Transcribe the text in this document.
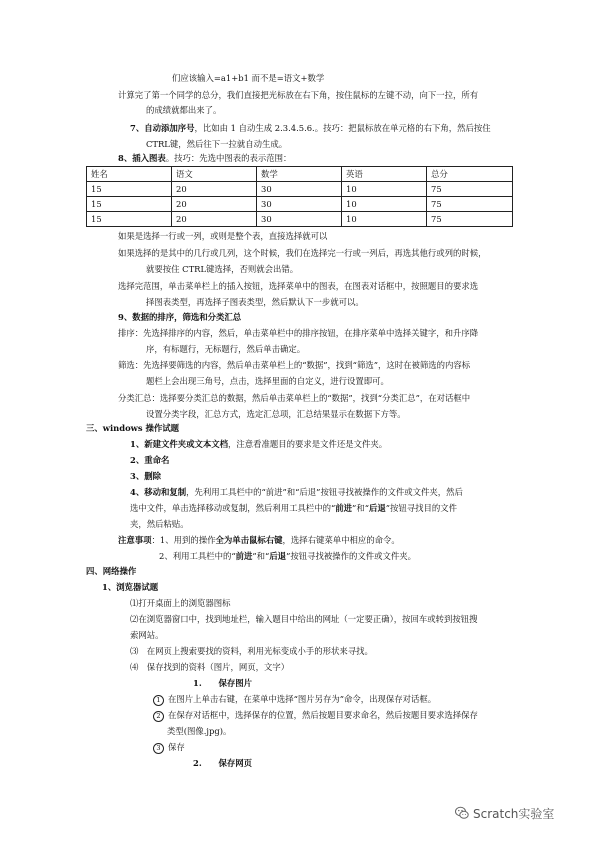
们应该输入=a1+b1 而不是=语文+数学
计算完了第一个同学的总分，我们直接把光标放在右下角，按住鼠标的左键不动，向下一拉，所有
的成绩就都出来了。
7、自动添加序号，比如由 1 自动生成 2.3.4.5.6.。技巧：把鼠标放在单元格的右下角，然后按住
CTRL键，然后往下一拉就自动生成。
8、插入图表。技巧：先选中图表的表示范围：
姓名	语文	数学	英语	总分
15	20	30	10	75
15	20	30	10	75
15	20	30	10	75
如果是选择一行或一列，或则是整个表，直接选择就可以
如果选择的是其中的几行或几列，这个时候，我们在选择完一行或一列后，再选其他行或列的时候，
就要按住 CTRL键选择，否则就会出错。
选择完范围，单击菜单栏上的插入按钮，选择菜单中的图表，在图表对话框中，按照题目的要求选
择图表类型，再选择子图表类型，然后默认下一步就可以。
9、数据的排序，筛选和分类汇总
排序：先选择排序的内容，然后，单击菜单栏中的排序按钮，在排序菜单中选择关键字，和升序降
序，有标题行，无标题行，然后单击确定。
筛选：先选择要筛选的内容，然后单击菜单栏上的“数据”，找到“筛选”，这时在被筛选的内容标
题栏上会出现三角号，点击，选择里面的自定义，进行设置即可。
分类汇总：选择要分类汇总的数据，然后单击菜单栏上的“数据”，找到“分类汇总”，在对话框中
设置分类字段，汇总方式，选定汇总项，汇总结果显示在数据下方等。
三、windows 操作试题
1、新建文件夹或文本文档，注意看准题目的要求是文件还是文件夹。
2、重命名
3、删除
4、移动和复制，先利用工具栏中的“前进”和“后退”按钮寻找被操作的文件或文件夹，然后
选中文件，单击选择移动或复制，然后利用工具栏中的“前进”和“后退”按钮寻找目的文件
夹，然后粘贴。
注意事项：1、用到的操作全为单击鼠标右键，选择右键菜单中相应的命令。
2、利用工具栏中的“前进”和“后退”按钮寻找被操作的文件或文件夹。
四、网络操作
1、浏览器试题
⑴打开桌面上的浏览器图标
⑵在浏览器窗口中，找到地址栏，输入题目中给出的网址（一定要正确），按回车或转到按钮搜
索网站。
⑶　在网页上搜索要找的资料，利用光标变成小手的形状来寻找。
⑷　保存找到的资料（图片，网页，文字）
1.　　保存图片
1 在图片上单击右键，在菜单中选择“图片另存为”命令，出现保存对话框。
2 在保存对话框中，选择保存的位置，然后按题目要求命名，然后按题目要求选择保存
类型(图像.jpg)。
3 保存
2.　　保存网页
Scratch实验室
